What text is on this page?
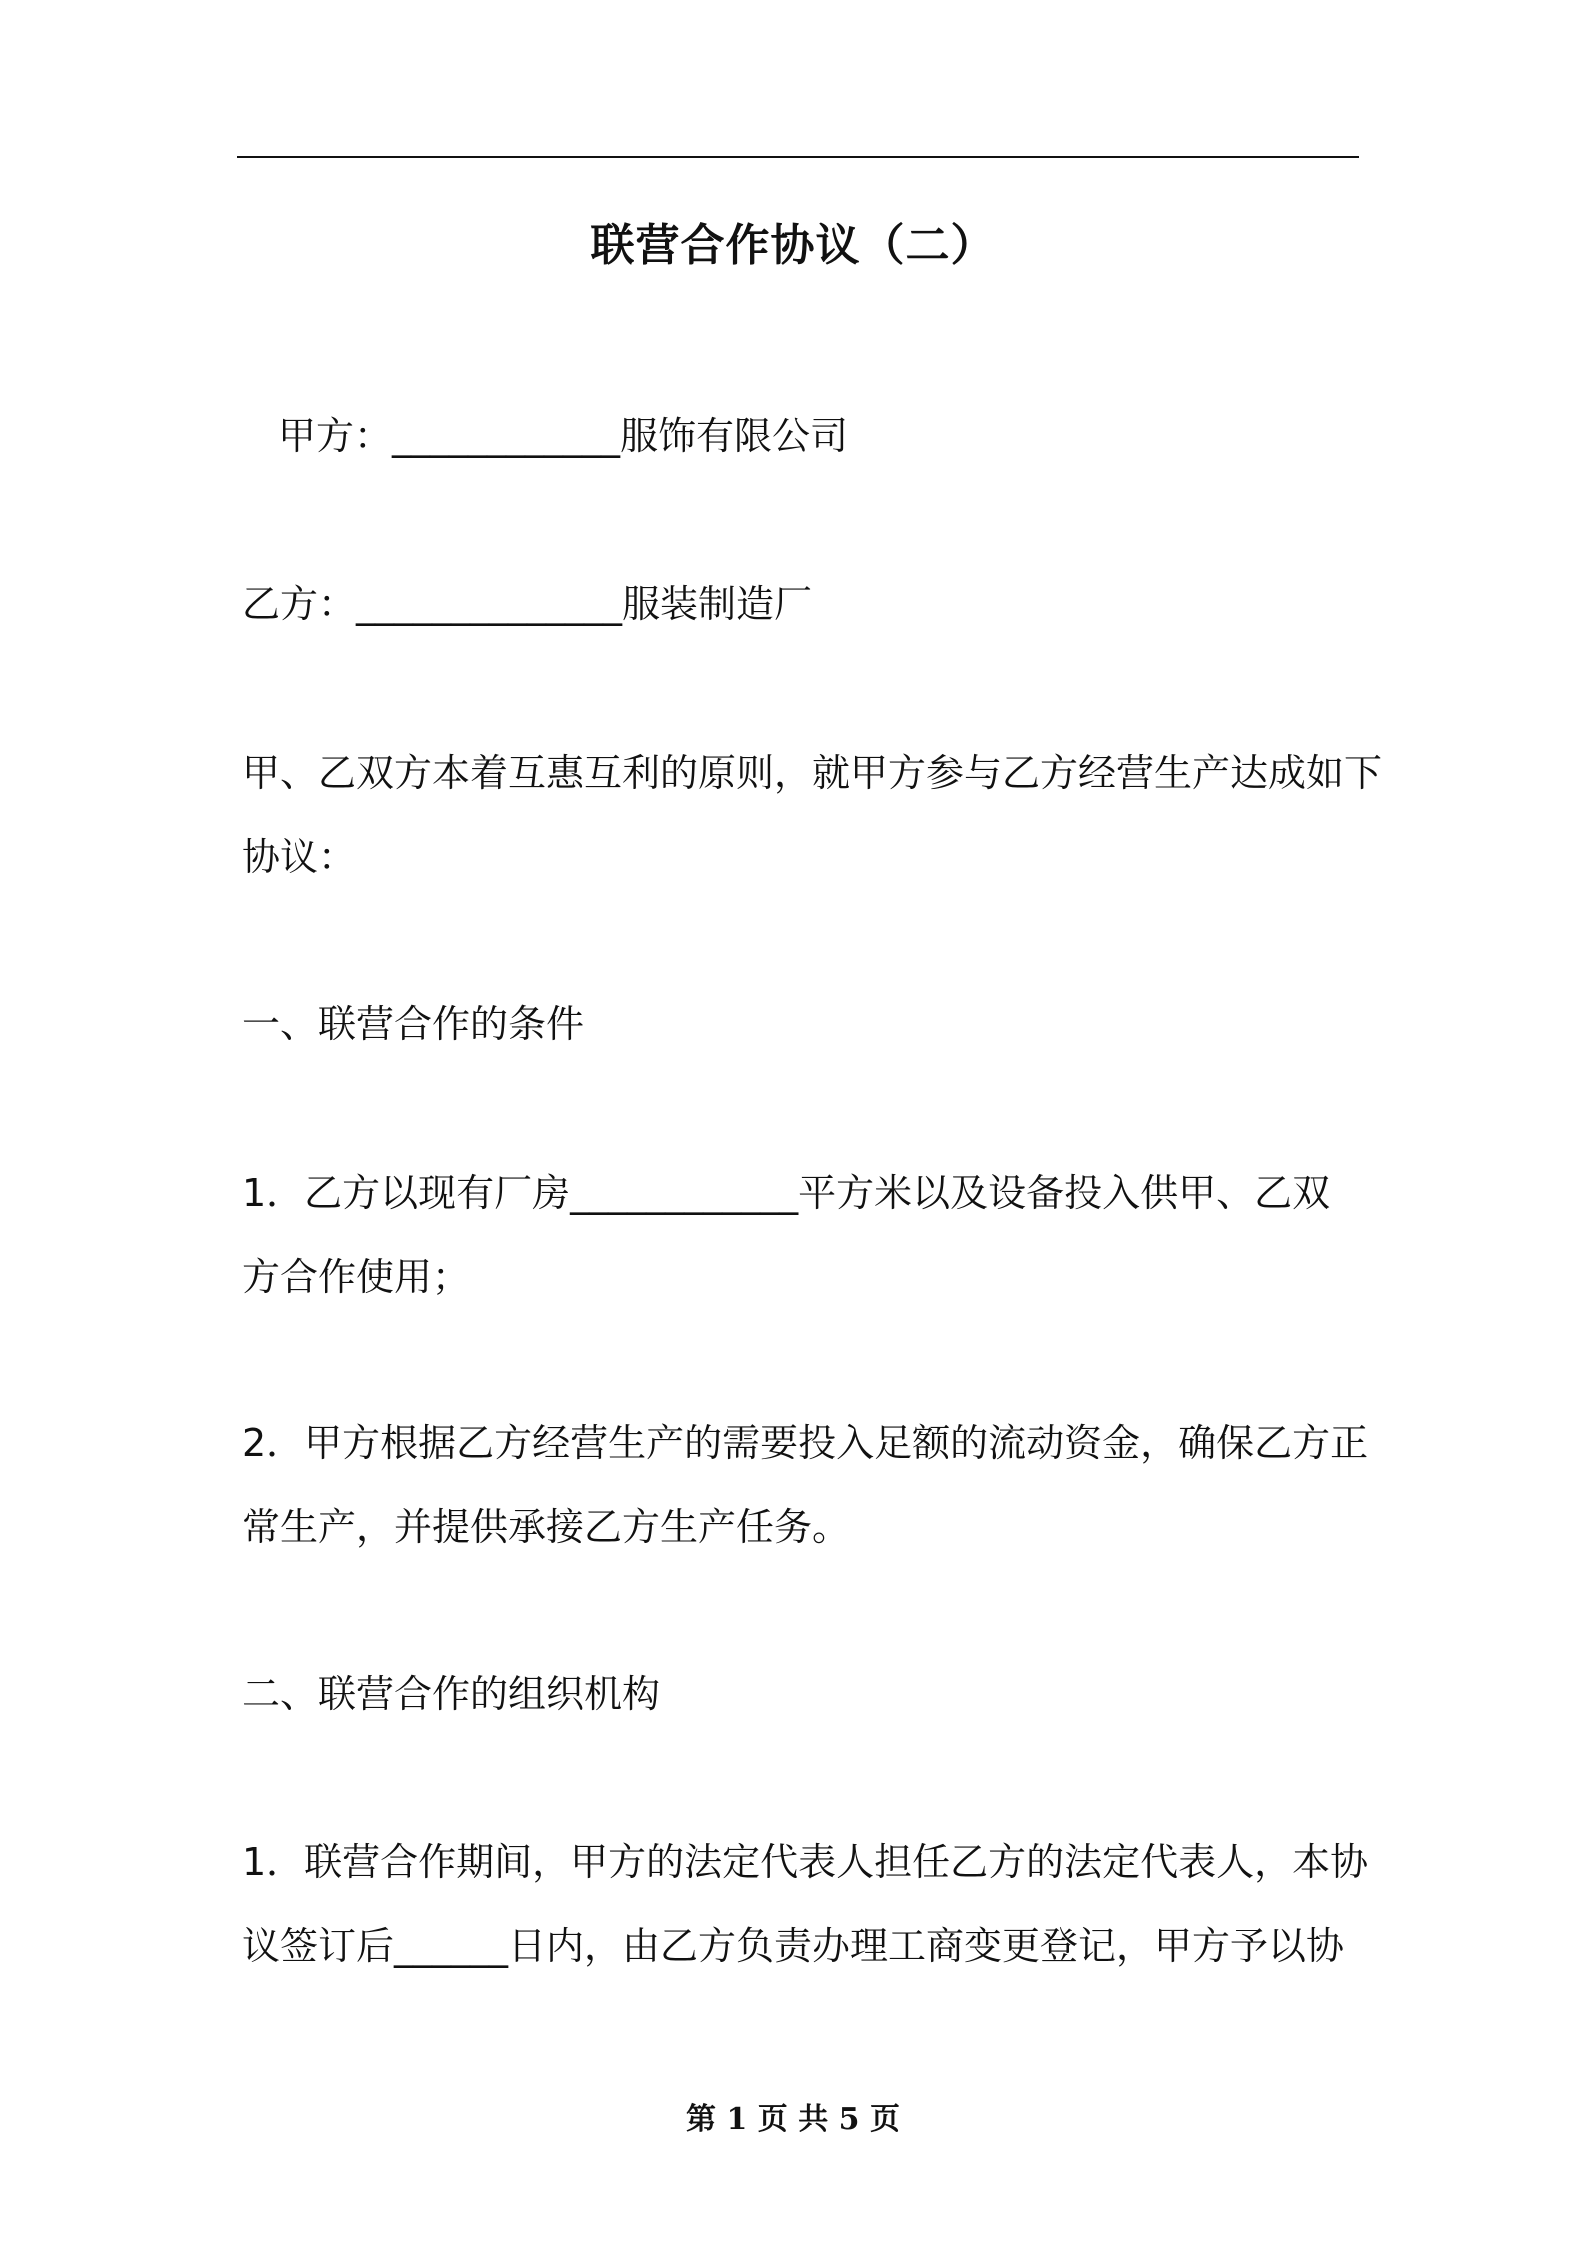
联营合作协议（二）
甲方：____________服饰有限公司
乙方：______________服装制造厂
甲、乙双方本着互惠互利的原则，就甲方参与乙方经营生产达成如下
协议：
一、联营合作的条件
1．乙方以现有厂房____________平方米以及设备投入供甲、乙双
方合作使用；
2．甲方根据乙方经营生产的需要投入足额的流动资金，确保乙方正
常生产，并提供承接乙方生产任务。
二、联营合作的组织机构
1．联营合作期间，甲方的法定代表人担任乙方的法定代表人，本协
议签订后______日内，由乙方负责办理工商变更登记，甲方予以协
第 1 页 共 5 页
